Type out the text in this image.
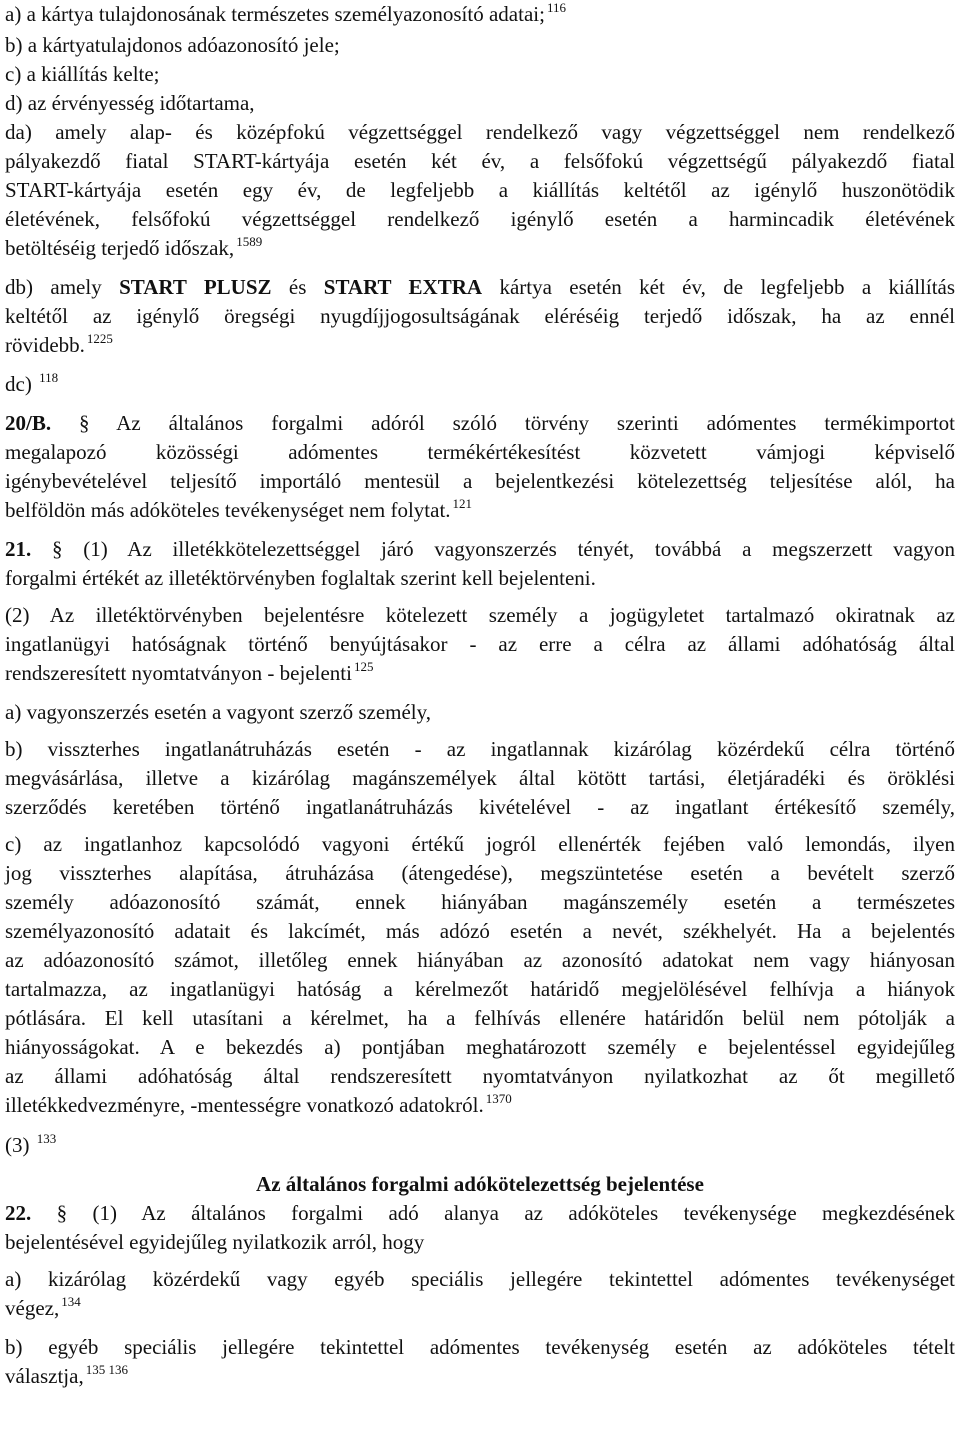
a) a kártya tulajdonosának természetes személyazonosító adatai; $^{116}$

b) a kártyatulajdonos adóazonosító jele;

c) a kiállítás kelte;

d) az érvényesség időtartama,

da) amely alap- és középfokú végzettséggel rendelkező vagy végzettséggel nem rendelkező

pályakezdő fiatal START-kártyája esetén két év, a felsőfokú végzettségű pályakezdő fiatal

START-kártyája esetén egy év, de legfeljebb a kiállítás keltétől az igénylő huszonötödik

életévének, felsőfokú végzettséggel rendelkező igénylő esetén a harmincadik életévének

betöltéséig terjedő időszak, $^{1589}$

db) amely START PLUSZ és START EXTRA kártya esetén két év, de legfeljebb a kiállítás

keltétől az igénylő öregségi nyugdíjjogosultságának eléréséig terjedő időszak, ha az ennél

rövidebb. $^{1225}$

dc) $^{118}$

20/B. § Az általános forgalmi adóról szóló törvény szerinti adómentes termékimportot

megalapozó közösségi adómentes termékértékesítést közvetett vámjogi képviselő

igénybevételével teljesítő importáló mentesül a bejelentkezési kötelezettség teljesítése alól, ha

belföldön más adóköteles tevékenységet nem folytat. $^{121}$

21. § (1) Az illetékkötelezettséggel járó vagyonszerzés tényét, továbbá a megszerzett vagyon

forgalmi értékét az illetéktörvényben foglaltak szerint kell bejelenteni.

(2) Az illetéktörvényben bejelentésre kötelezett személy a jogügyletet tartalmazó okiratnak az

ingatlanügyi hatóságnak történő benyújtásakor - az erre a célra az állami adóhatóság által

rendszeresített nyomtatványon - bejelenti $^{125}$

a) vagyonszerzés esetén a vagyont szerző személy,

b) visszterhes ingatlanátruházás esetén - az ingatlannak kizárólag közérdekű célra történő

megvásárlása, illetve a kizárólag magánszemélyek által kötött tartási, életjáradéki és öröklési

szerződés keretében történő ingatlanátruházás kivételével - az ingatlant értékesítő személy,

c) az ingatlanhoz kapcsolódó vagyoni értékű jogról ellenérték fejében való lemondás, ilyen

jog visszterhes alapítása, átruházása (átengedése), megszüntetése esetén a bevételt szerző

személy adóazonosító számát, ennek hiányában magánszemély esetén a természetes

személyazonosító adatait és lakcímét, más adózó esetén a nevét, székhelyét. Ha a bejelentés

az adóazonosító számot, illetőleg ennek hiányában az azonosító adatokat nem vagy hiányosan

tartalmazza, az ingatlanügyi hatóság a kérelmezőt határidő megjelölésével felhívja a hiányok

pótlására. El kell utasítani a kérelmet, ha a felhívás ellenére határidőn belül nem pótolják a

hiányosságokat. A e bekezdés a) pontjában meghatározott személy e bejelentéssel egyidejűleg

az állami adóhatóság által rendszeresített nyomtatványon nyilatkozhat az őt megillető

illetékkedvezményre, -mentességre vonatkozó adatokról. $^{1370}$

(3) $^{133}$

Az általános forgalmi adókötelezettség bejelentése

22. § (1) Az általános forgalmi adó alanya az adóköteles tevékenysége megkezdésének

bejelentésével egyidejűleg nyilatkozik arról, hogy

a) kizárólag közérdekű vagy egyéb speciális jellegére tekintettel adómentes tevékenységet

végez, $^{134}$

b) egyéb speciális jellegére tekintettel adómentes tevékenység esetén az adóköteles tételt

választja, $^{135 136}$
